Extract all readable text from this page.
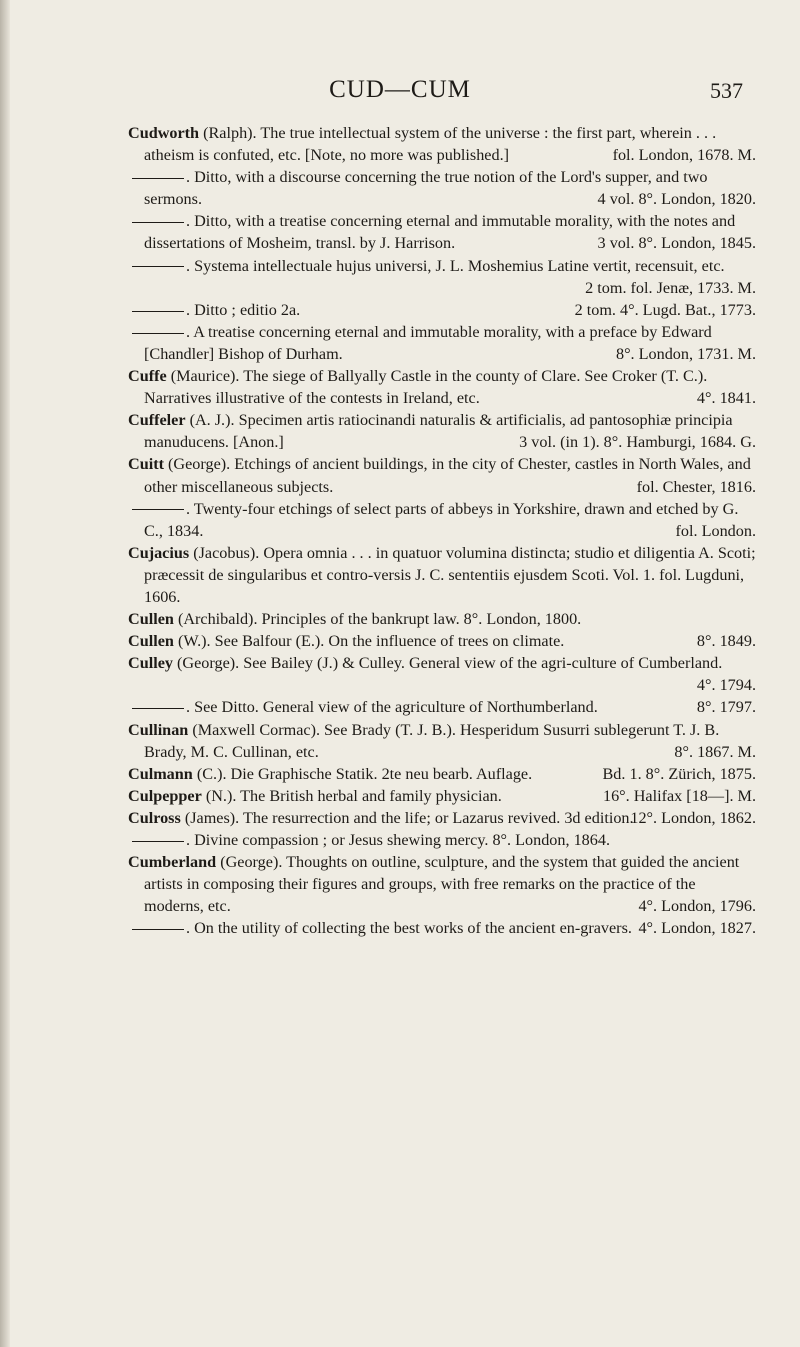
CUD—CUM	537

Cudworth (Ralph). The true intellectual system of the universe : the first part, wherein . . . atheism is confuted, etc. [Note, no more was published.]	fol. London, 1678. M.

. Ditto, with a discourse concerning the true notion of the Lord's supper, and two sermons.	4 vol. 8°. London, 1820.

. Ditto, with a treatise concerning eternal and immutable morality, with the notes and dissertations of Mosheim, transl. by J. Harrison.	3 vol. 8°. London, 1845.

. Systema intellectuale hujus universi, J. L. Moshemius Latine vertit, recensuit, etc.
2 tom. fol. Jenæ, 1733. M.

. Ditto ; editio 2a.	2 tom. 4°. Lugd. Bat., 1773.

. A treatise concerning eternal and immutable morality, with a preface by Edward [Chandler] Bishop of Durham.	8°. London, 1731. M.

Cuffe (Maurice). The siege of Ballyally Castle in the county of Clare. See Croker (T. C.). Narratives illustrative of the contests in Ireland, etc.	4°. 1841.

Cuffeler (A. J.). Specimen artis ratiocinandi naturalis & artificialis, ad pantosophiæ principia manuducens. [Anon.]	3 vol. (in 1). 8°. Hamburgi, 1684. G.

Cuitt (George). Etchings of ancient buildings, in the city of Chester, castles in North Wales, and other miscellaneous subjects.	fol. Chester, 1816.

. Twenty-four etchings of select parts of abbeys in Yorkshire, drawn and etched by G. C., 1834.	fol. London.

Cujacius (Jacobus). Opera omnia . . . in quatuor volumina distincta; studio et diligentia A. Scoti; præcessit de singularibus et contro-versis J. C. sententiis ejusdem Scoti. Vol. 1. fol. Lugduni, 1606.

Cullen (Archibald). Principles of the bankrupt law. 8°. London, 1800.

Cullen (W.). See Balfour (E.). On the influence of trees on climate.	8°. 1849.

Culley (George). See Bailey (J.) & Culley. General view of the agri-culture of Cumberland.
4°. 1794.

. See Ditto. General view of the agriculture of Northumberland.	8°. 1797.

Cullinan (Maxwell Cormac). See Brady (T. J. B.). Hesperidum Susurri sublegerunt T. J. B. Brady, M. C. Cullinan, etc.	8°. 1867. M.

Culmann (C.). Die Graphische Statik. 2te neu bearb. Auflage.	Bd. 1. 8°. Zürich, 1875.

Culpepper (N.). The British herbal and family physician.	16°. Halifax [18—]. M.

Culross (James). The resurrection and the life; or Lazarus revived. 3d edition.
12°. London, 1862.

. Divine compassion ; or Jesus shewing mercy. 8°. London, 1864.

Cumberland (George). Thoughts on outline, sculpture, and the system that guided the ancient artists in composing their figures and groups, with free remarks on the practice of the moderns, etc.	4°. London, 1796.

. On the utility of collecting the best works of the ancient en-gravers. 4°. London, 1827.
